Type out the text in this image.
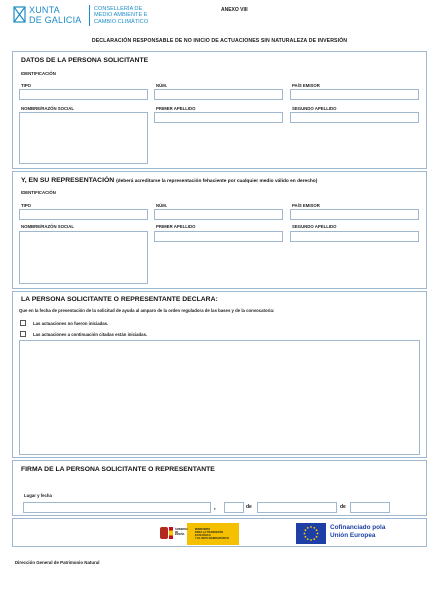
XUNTA
DE GALICIA
CONSELLERÍA DE
MEDIO AMBIENTE E
CAMBIO CLIMÁTICO
ANEXO VIII
DECLARACIÓN RESPONSABLE DE NO INICIO DE ACTUACIONES SIN NATURALEZA DE INVERSIÓN
DATOS DE LA PERSONA SOLICITANTE
IDENTIFICACIÓN
TIPO	NÚM.	PAÍS EMISOR
NOMBRE/RAZÓN SOCIAL	PRIMER APELLIDO	SEGUNDO APELLIDO
Y, EN SU REPRESENTACIÓN (deberá acreditarse la representación fehaciente por cualquier medio válido en derecho)
IDENTIFICACIÓN
TIPO	NÚM.	PAÍS EMISOR
NOMBRE/RAZÓN SOCIAL	PRIMER APELLIDO	SEGUNDO APELLIDO
LA PERSONA SOLICITANTE O REPRESENTANTE DECLARA:
Que en la fecha de presentación de la solicitud de ayuda al amparo de la orden reguladora de las bases y de la convocatoria:
Las actuaciones no fueron iniciadas.
Las actuaciones a continuación citadas están iniciadas.
FIRMA DE LA PERSONA SOLICITANTE O REPRESENTANTE
Lugar y fecha
,	de	de
GOBIERNO
DE ESPAÑA
MINISTERIO
PARA LA TRANSICIÓN ECOLÓGICA
Y EL RETO DEMOGRÁFICO
Cofinanciado pola
Unión Europea
Dirección General de Patrimonio Natural
